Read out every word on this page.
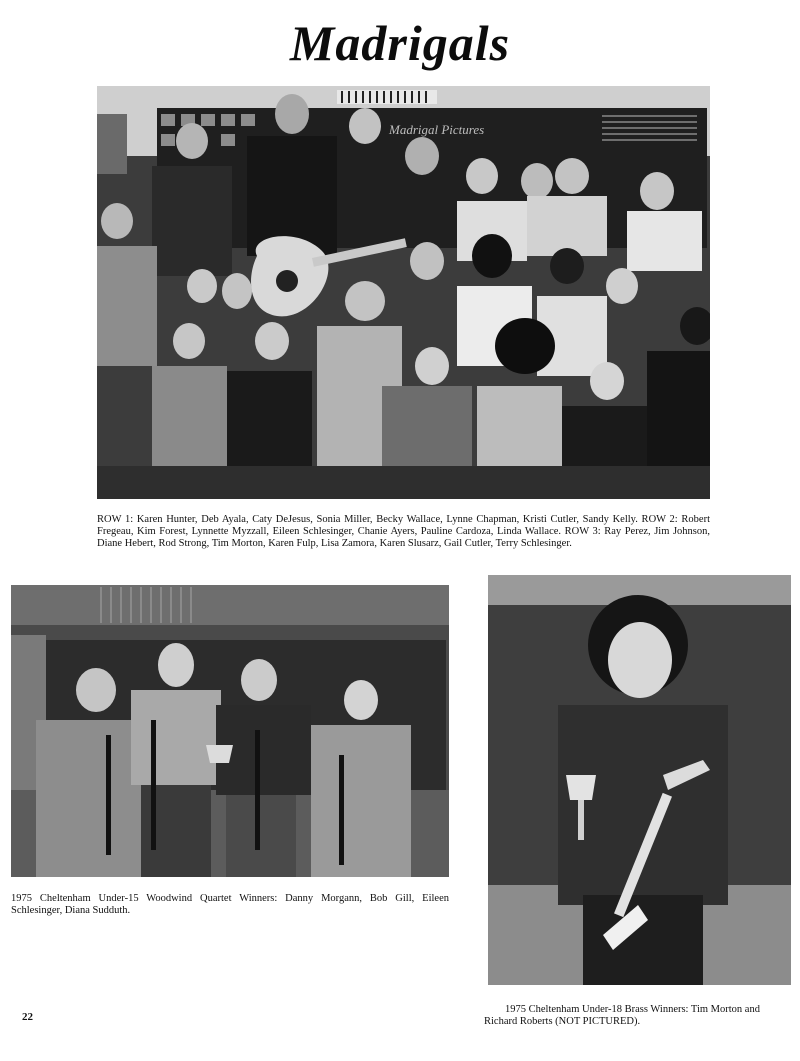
Madrigals
Madrigal Pictures
ROW 1: Karen Hunter, Deb Ayala, Caty DeJesus, Sonia Miller, Becky Wallace, Lynne Chapman, Kristi Cutler, Sandy Kelly. ROW 2: Robert Fregeau, Kim Forest, Lynnette Myzzall, Eileen Schlesinger, Chanie Ayers, Pauline Cardoza, Linda Wallace. ROW 3: Ray Perez, Jim Johnson, Diane Hebert, Rod Strong, Tim Morton, Karen Fulp, Lisa Zamora, Karen Slusarz, Gail Cutler, Terry Schlesinger.
1975 Cheltenham Under-15 Woodwind Quartet Winners: Danny Morgann, Bob Gill, Eileen Schlesinger, Diana Sudduth.
1975 Cheltenham Under-18 Brass Winners: Tim Morton and
Richard Roberts (NOT PICTURED).
22
